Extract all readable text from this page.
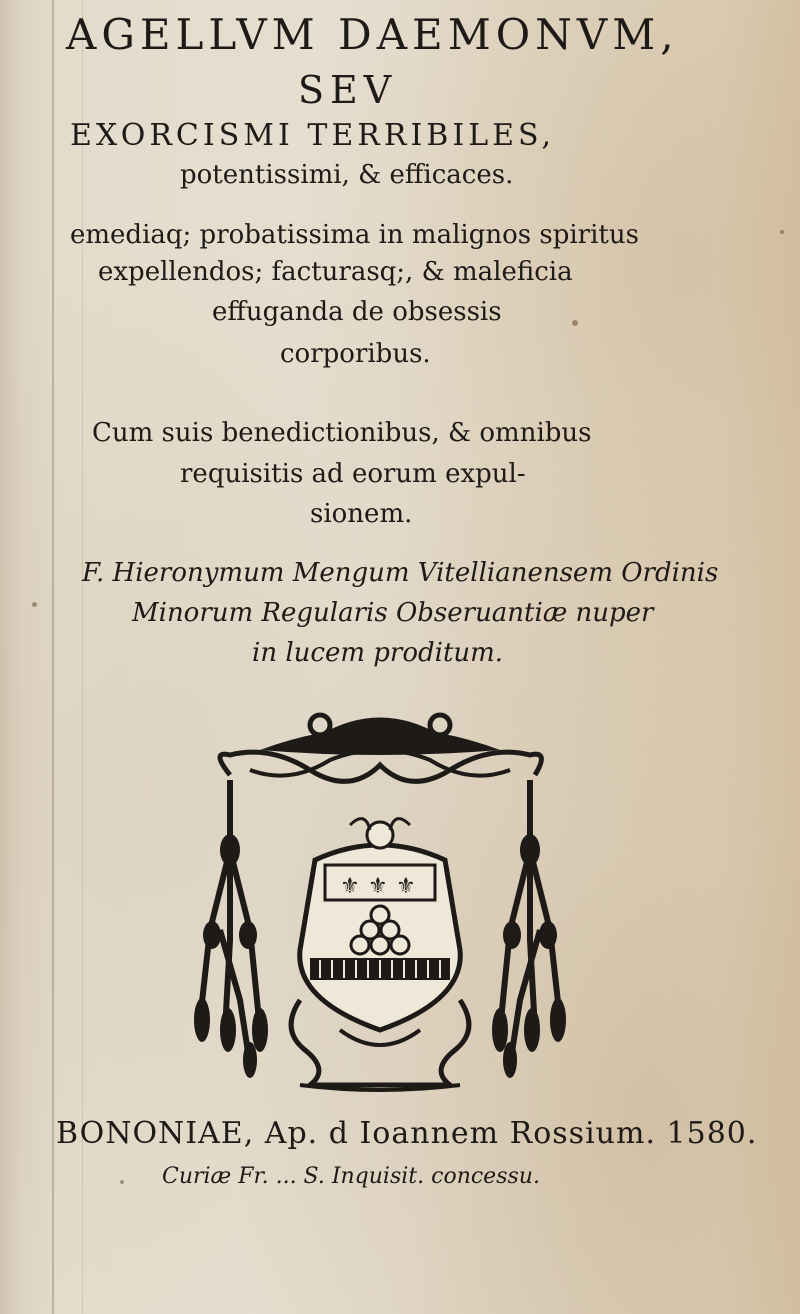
AGELLVM DAEMONVM,
SEV
EXORCISMI TERRIBILES,
potentissimi, & efficaces.
emediaq; probatissima in malignos spiritus
expellendos; facturasq;, & maleficia
effuganda de obsessis
corporibus.
Cum suis benedictionibus, & omnibus
requisitis ad eorum expul-
sionem.
F. Hieronymum Mengum Vitellianensem Ordinis
Minorum Regularis Obseruantiæ nuper
in lucem proditum.
⚜ ⚜ ⚜
BONONIAE, Ap. d Ioannem Rossium. 1580.
Curiæ Fr. ... S. Inquisit. concessu.
